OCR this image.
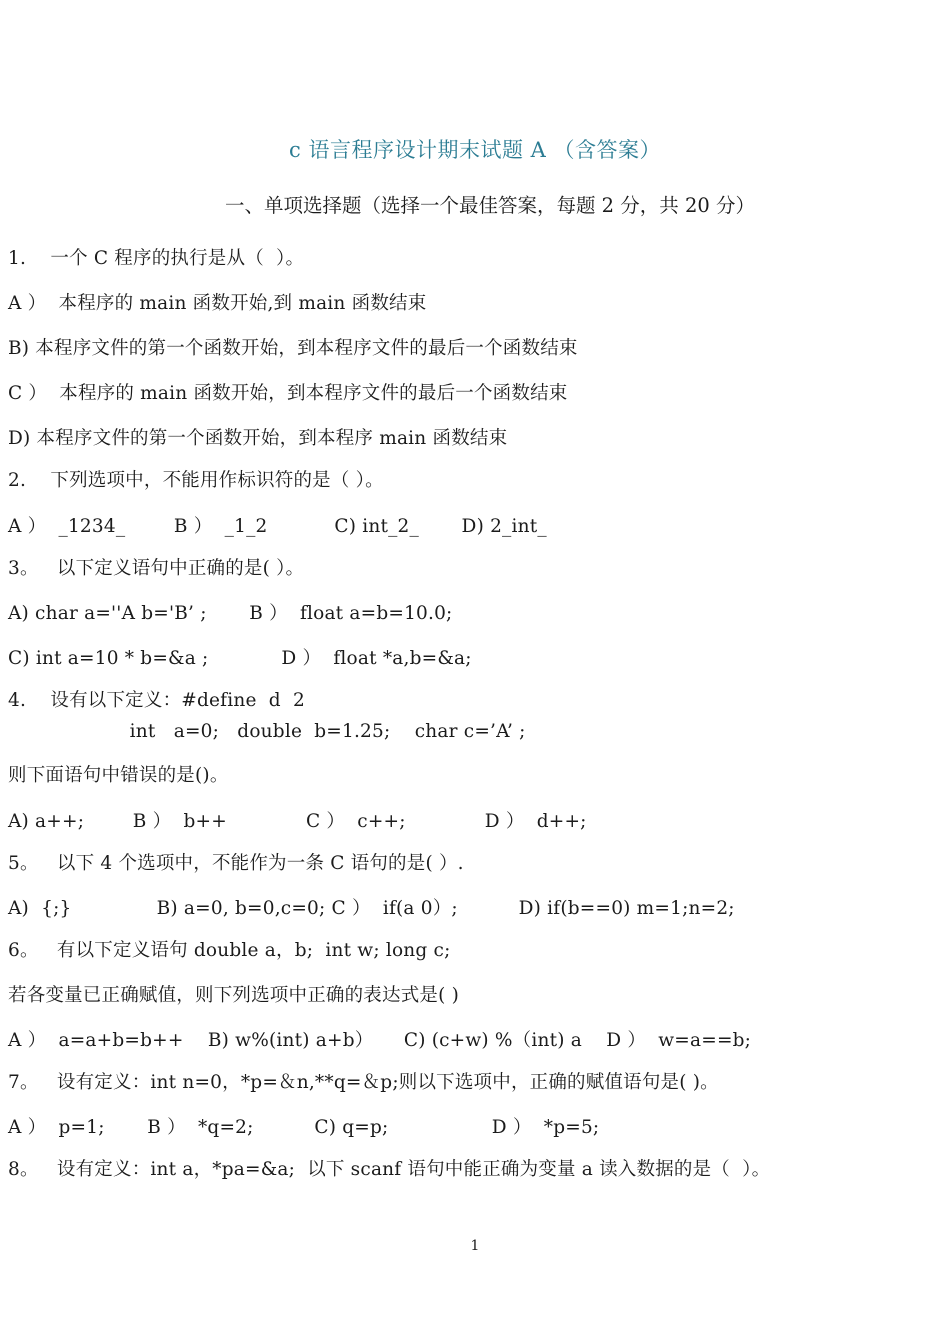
c 语言程序设计期末试题 A （含答案）
一、单项选择题（选择一个最佳答案，每题 2 分，共 20 分）
1.    一个 C 程序的执行是从（  ）。
A ）  本程序的 main 函数开始,到 main 函数结束
B) 本程序文件的第一个函数开始，到本程序文件的最后一个函数结束
C ）  本程序的 main 函数开始，到本程序文件的最后一个函数结束
D) 本程序文件的第一个函数开始，到本程序 main 函数结束
2.    下列选项中，不能用作标识符的是（ ）。
A ）  _1234_        B ）  _1_2           C) int_2_       D) 2_int_
3。   以下定义语句中正确的是( ）。
A) char a=''A b='B’ ;       B ）  float a=b=10.0;
C) int a=10 * b=&a ;            D ）  float *a,b=&a;
4.    设有以下定义：#define  d  2
int   a=0;   double  b=1.25;    char c=’A’ ;
则下面语句中错误的是()。
A) a++;        B ）  b++             C ）  c++;             D ）  d++;
5。   以下 4 个选项中，不能作为一条 C 语句的是( ）.
A)  {;}              B) a=0, b=0,c=0; C ）  if(a 0）;          D) if(b==0) m=1;n=2;
6。   有以下定义语句 double a，b;  int w; long c;
若各变量已正确赋值，则下列选项中正确的表达式是( )
A ）  a=a+b=b++    B) w%(int) a+b）     C) (c+w) %（int) a    D ）  w=a==b;
7。   设有定义：int n=0，*p=＆n,**q=＆p;则以下选项中，正确的赋值语句是( )。
A ）  p=1;       B ）  *q=2;          C) q=p;                 D ）  *p=5;
8。   设有定义：int a，*pa=&a;  以下 scanf 语句中能正确为变量 a 读入数据的是（  ）。
1
